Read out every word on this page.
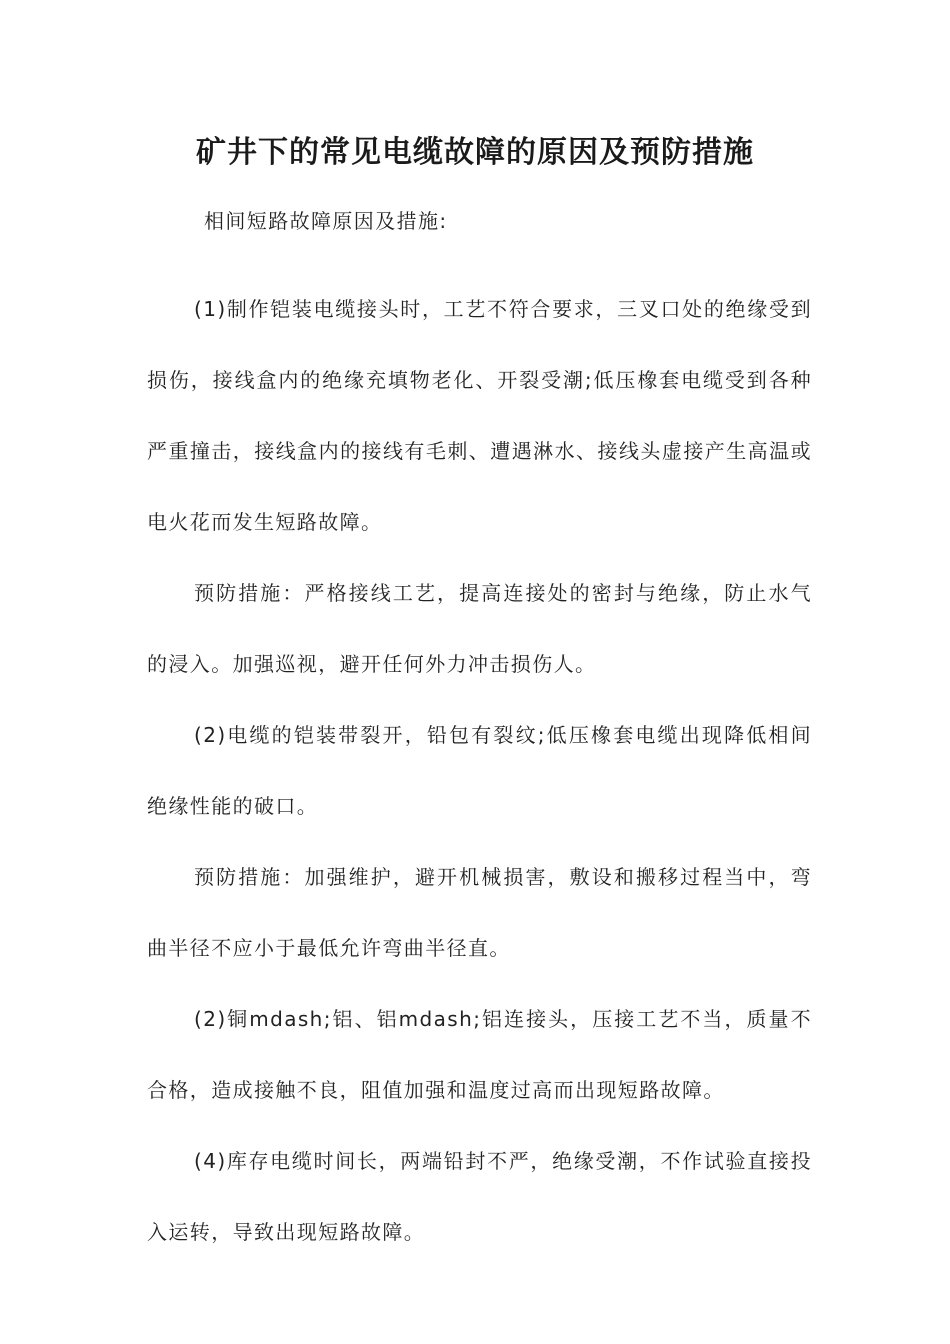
矿井下的常见电缆故障的原因及预防措施

相间短路故障原因及措施:

(1)制作铠装电缆接头时，工艺不符合要求，三叉口处的绝缘受到损伤，接线盒内的绝缘充填物老化、开裂受潮;低压橡套电缆受到各种严重撞击，接线盒内的接线有毛刺、遭遇淋水、接线头虚接产生高温或电火花而发生短路故障。

预防措施：严格接线工艺，提高连接处的密封与绝缘，防止水气的浸入。加强巡视，避开任何外力冲击损伤人。

(2)电缆的铠装带裂开，铅包有裂纹;低压橡套电缆出现降低相间绝缘性能的破口。

预防措施：加强维护，避开机械损害，敷设和搬移过程当中，弯曲半径不应小于最低允许弯曲半径直。

(2)铜mdash;铝、铝mdash;铝连接头，压接工艺不当，质量不合格，造成接触不良，阻值加强和温度过高而出现短路故障。

(4)库存电缆时间长，两端铅封不严，绝缘受潮，不作试验直接投入运转，导致出现短路故障。
